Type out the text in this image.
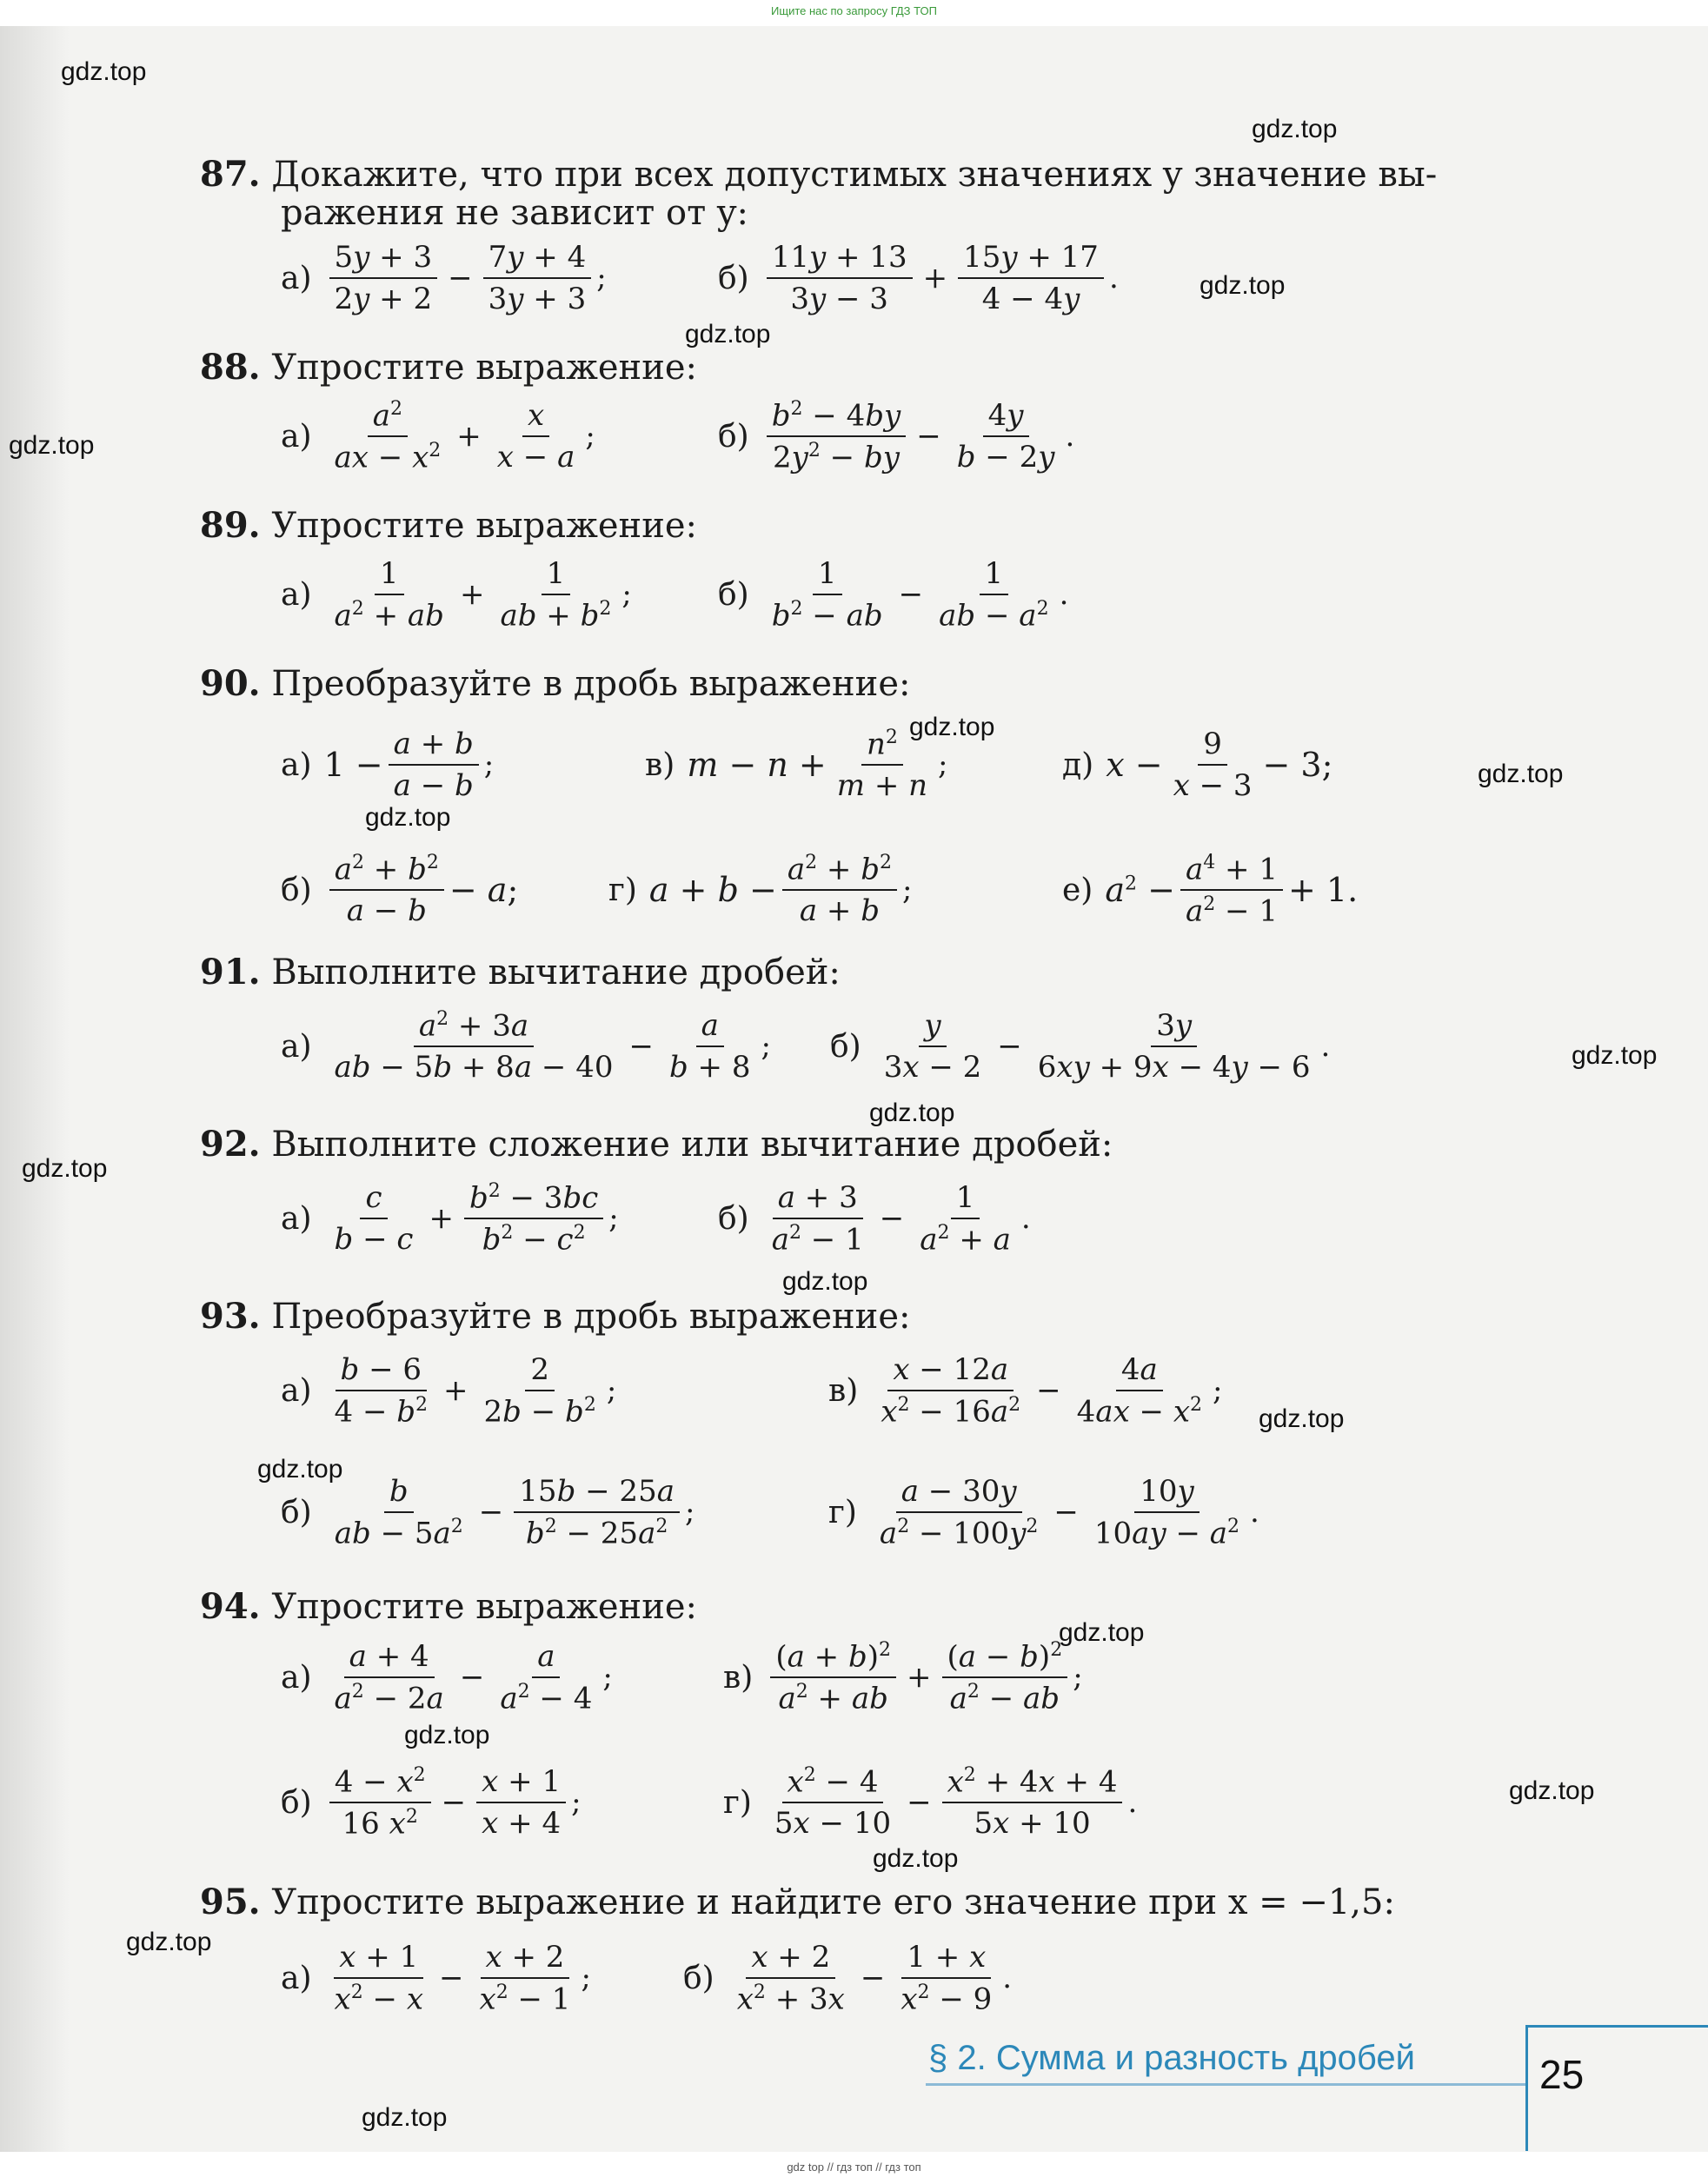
Ищите нас по запросу ГДЗ ТОП
gdz.top
gdz.top
gdz.top
gdz.top
gdz.top
gdz.top
gdz.top
gdz.top
gdz.top
gdz.top
gdz.top
gdz.top
gdz.top
gdz.top
gdz.top
gdz.top
gdz.top
gdz.top
gdz.top
gdz.top
87. Докажите, что при всех допустимых значениях y значение вы-
ражения не зависит от y:
$а) \frac{5y + 3}{2y + 2} - \frac{7y + 4}{3y + 3}$ ;	$б) \frac{11y + 13}{3y - 3} + \frac{15y + 17}{4 - 4y}$ .
88. Упростите выражение:
$а) \frac{a^2}{ax - x^2} + \frac{x}{x - a}$ ;	$б) \frac{b^2 - 4by}{2y^2 - by} - \frac{4y}{b - 2y}$ .
89. Упростите выражение:
$а) \frac{1}{a^2 + ab} + \frac{1}{ab + b^2}$ ;	$б) \frac{1}{b^2 - ab} - \frac{1}{ab - a^2}$ .
90. Преобразуйте в дробь выражение:
а) $1 - \frac{a + b}{a - b}$ ;	в) $m - n + \frac{n^2}{m + n}$ ;	д) $x - \frac{9}{x - 3} - 3$;
$б) \frac{a^2 + b^2}{a - b} - a$;	г) $a + b - \frac{a^2 + b^2}{a + b}$ ;	е) $a^2 - \frac{a^4 + 1}{a^2 - 1} + 1$.
91. Выполните вычитание дробей:
$а) \frac{a^2 + 3a}{ab - 5b + 8a - 40} - \frac{a}{b + 8}$ ; $б) \frac{y}{3x - 2} - \frac{3y}{6xy + 9x - 4y - 6}$ .
92. Выполните сложение или вычитание дробей:
$а) \frac{c}{b - c} + \frac{b^2 - 3bc}{b^2 - c^2}$ ;	$б) \frac{a + 3}{a^2 - 1} - \frac{1}{a^2 + a}$ .
93. Преобразуйте в дробь выражение:
$а) \frac{b - 6}{4 - b^2} + \frac{2}{2b - b^2}$ ;	$в) \frac{x - 12a}{x^2 - 16a^2} - \frac{4a}{4ax - x^2}$ ;
$б) \frac{b}{ab - 5a^2} - \frac{15b - 25a}{b^2 - 25a^2}$ ;	$г) \frac{a - 30y}{a^2 - 100y^2} - \frac{10y}{10ay - a^2}$ .
94. Упростите выражение:
$а) \frac{a + 4}{a^2 - 2a} - \frac{a}{a^2 - 4}$ ;	$в) \frac{(a + b)^2}{a^2 + ab} + \frac{(a - b)^2}{a^2 - ab}$ ;
$б) \frac{4 - x^2}{16 x^2} - \frac{x + 1}{x + 4}$ ;	$г) \frac{x^2 - 4}{5x - 10} - \frac{x^2 + 4x + 4}{5x + 10}$ .
95. Упростите выражение и найдите его значение при x = −1,5:
$а) \frac{x + 1}{x^2 - x} - \frac{x + 2}{x^2 - 1}$ ;	$б) \frac{x + 2}{x^2 + 3x} - \frac{1 + x}{x^2 - 9}$ .
§ 2. Сумма и разность дробей	25
gdz top // гдз топ // гдз топ
